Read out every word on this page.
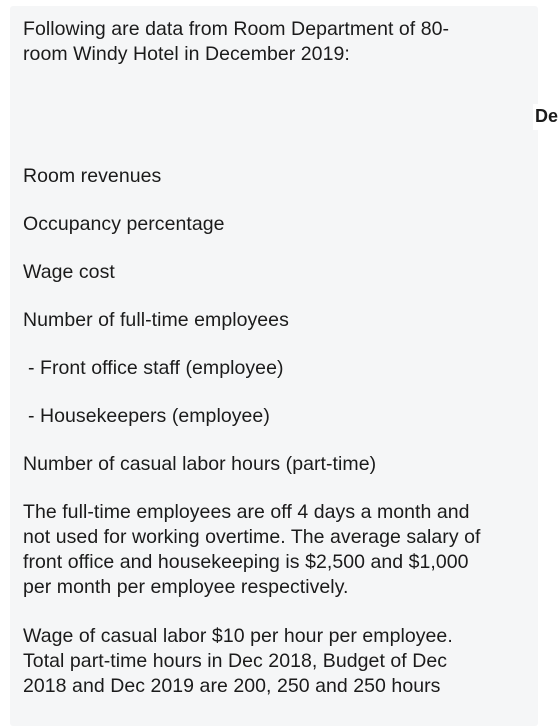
Following are data from Room Department of 80-

room Windy Hotel in December 2019:

De

Room revenues

Occupancy percentage

Wage cost

Number of full-time employees

- Front office staff (employee)

- Housekeepers (employee)

Number of casual labor hours (part-time)

The full-time employees are off 4 days a month and

not used for working overtime. The average salary of

front office and housekeeping is $2,500 and $1,000

per month per employee respectively.

Wage of casual labor $10 per hour per employee.

Total part-time hours in Dec 2018, Budget of Dec

2018 and Dec 2019 are 200, 250 and 250 hours
